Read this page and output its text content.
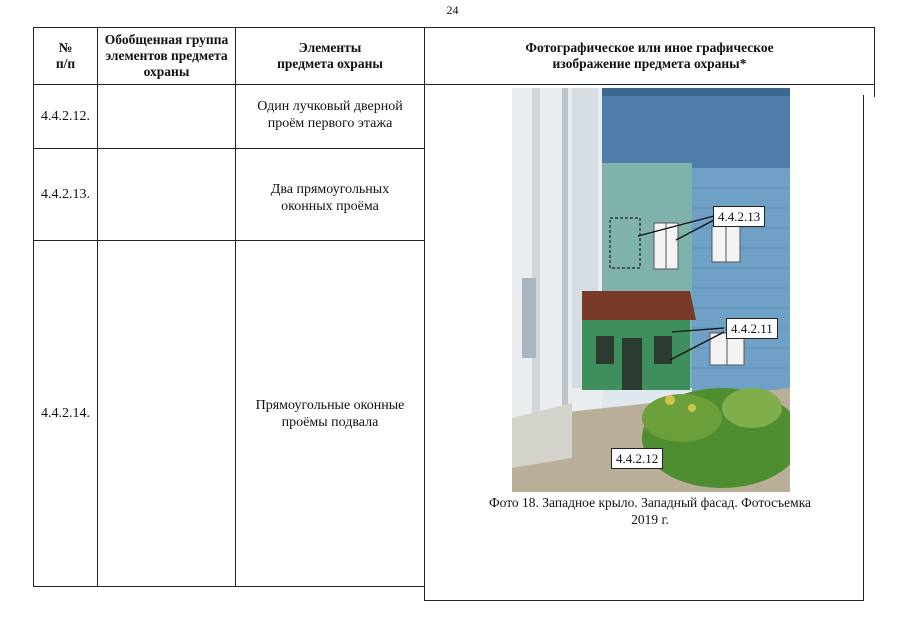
24
№
п/п
Обобщенная группа элементов предмета охраны
Элементы предмета охраны
Фотографическое или иное графическое изображение предмета охраны*
4.4.2.12.
Один лучковый дверной проём первого этажа
4.4.2.13.	Два прямоугольных оконных проёма
4.4.2.14.
Прямоугольные оконные проёмы подвала
4.4.2.13
4.4.2.11
4.4.2.12
Фото 18. Западное крыло. Западный фасад. Фотосъемка 2019 г.
